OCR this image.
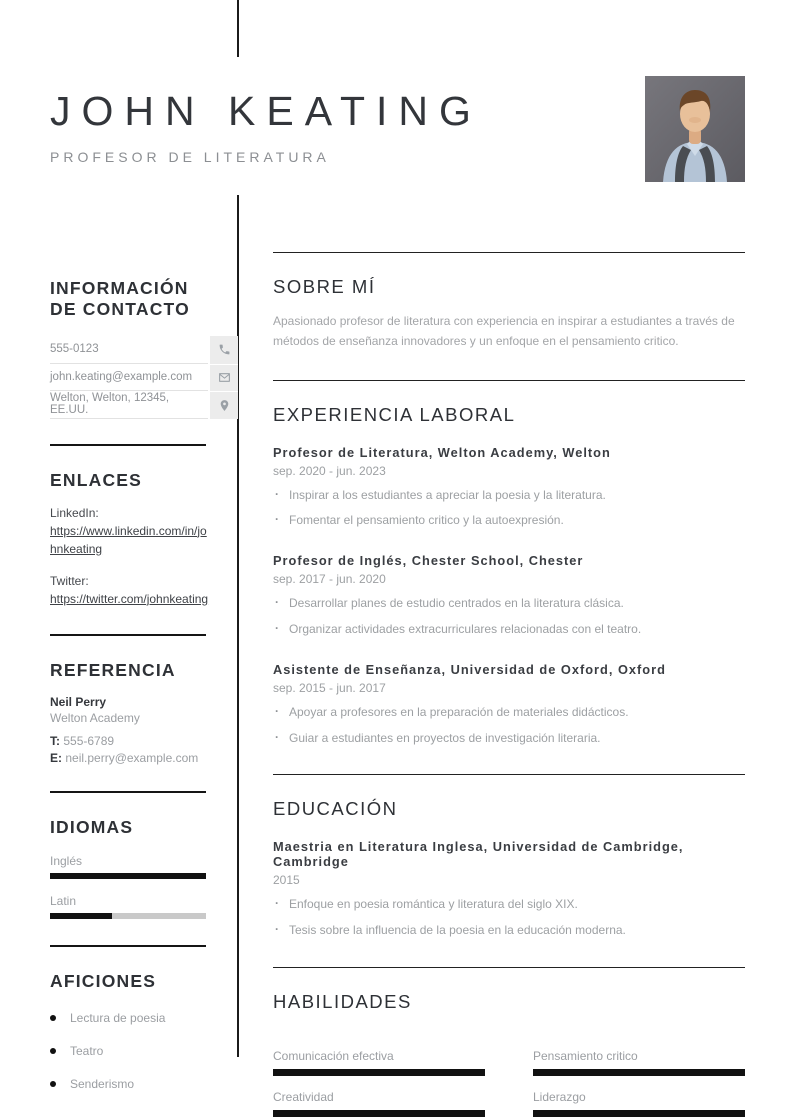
JOHN KEATING
PROFESOR DE LITERATURA
INFORMACIÓN DE CONTACTO
555-0123
john.keating@example.com
Welton, Welton, 12345, EE.UU.
ENLACES
LinkedIn:
https://www.linkedin.com/in/johnkeating
Twitter:
https://twitter.com/johnkeating
REFERENCIA
Neil Perry
Welton Academy
T: 555-6789
E: neil.perry@example.com
IDIOMAS
Inglés
Latin
AFICIONES
Lectura de poesia
Teatro
Senderismo
SOBRE MÍ

Apasionado profesor de literatura con experiencia en inspirar a estudiantes a través de métodos de enseñanza innovadores y un enfoque en el pensamiento critico.

EXPERIENCIA LABORAL
Profesor de Literatura, Welton Academy, Welton
sep. 2020 - jun. 2023
· Inspirar a los estudiantes a apreciar la poesia y la literatura.
· Fomentar el pensamiento critico y la autoexpresión.
Profesor de Inglés, Chester School, Chester
sep. 2017 - jun. 2020
· Desarrollar planes de estudio centrados en la literatura clásica.
· Organizar actividades extracurriculares relacionadas con el teatro.
Asistente de Enseñanza, Universidad de Oxford, Oxford
sep. 2015 - jun. 2017
· Apoyar a profesores en la preparación de materiales didácticos.
· Guiar a estudiantes en proyectos de investigación literaria.
EDUCACIÓN
Maestria en Literatura Inglesa, Universidad de Cambridge, Cambridge
2015
· Enfoque en poesia romántica y literatura del siglo XIX.
· Tesis sobre la influencia de la poesia en la educación moderna.
HABILIDADES
Comunicación efectiva	Pensamiento critico
Creatividad	Liderazgo
